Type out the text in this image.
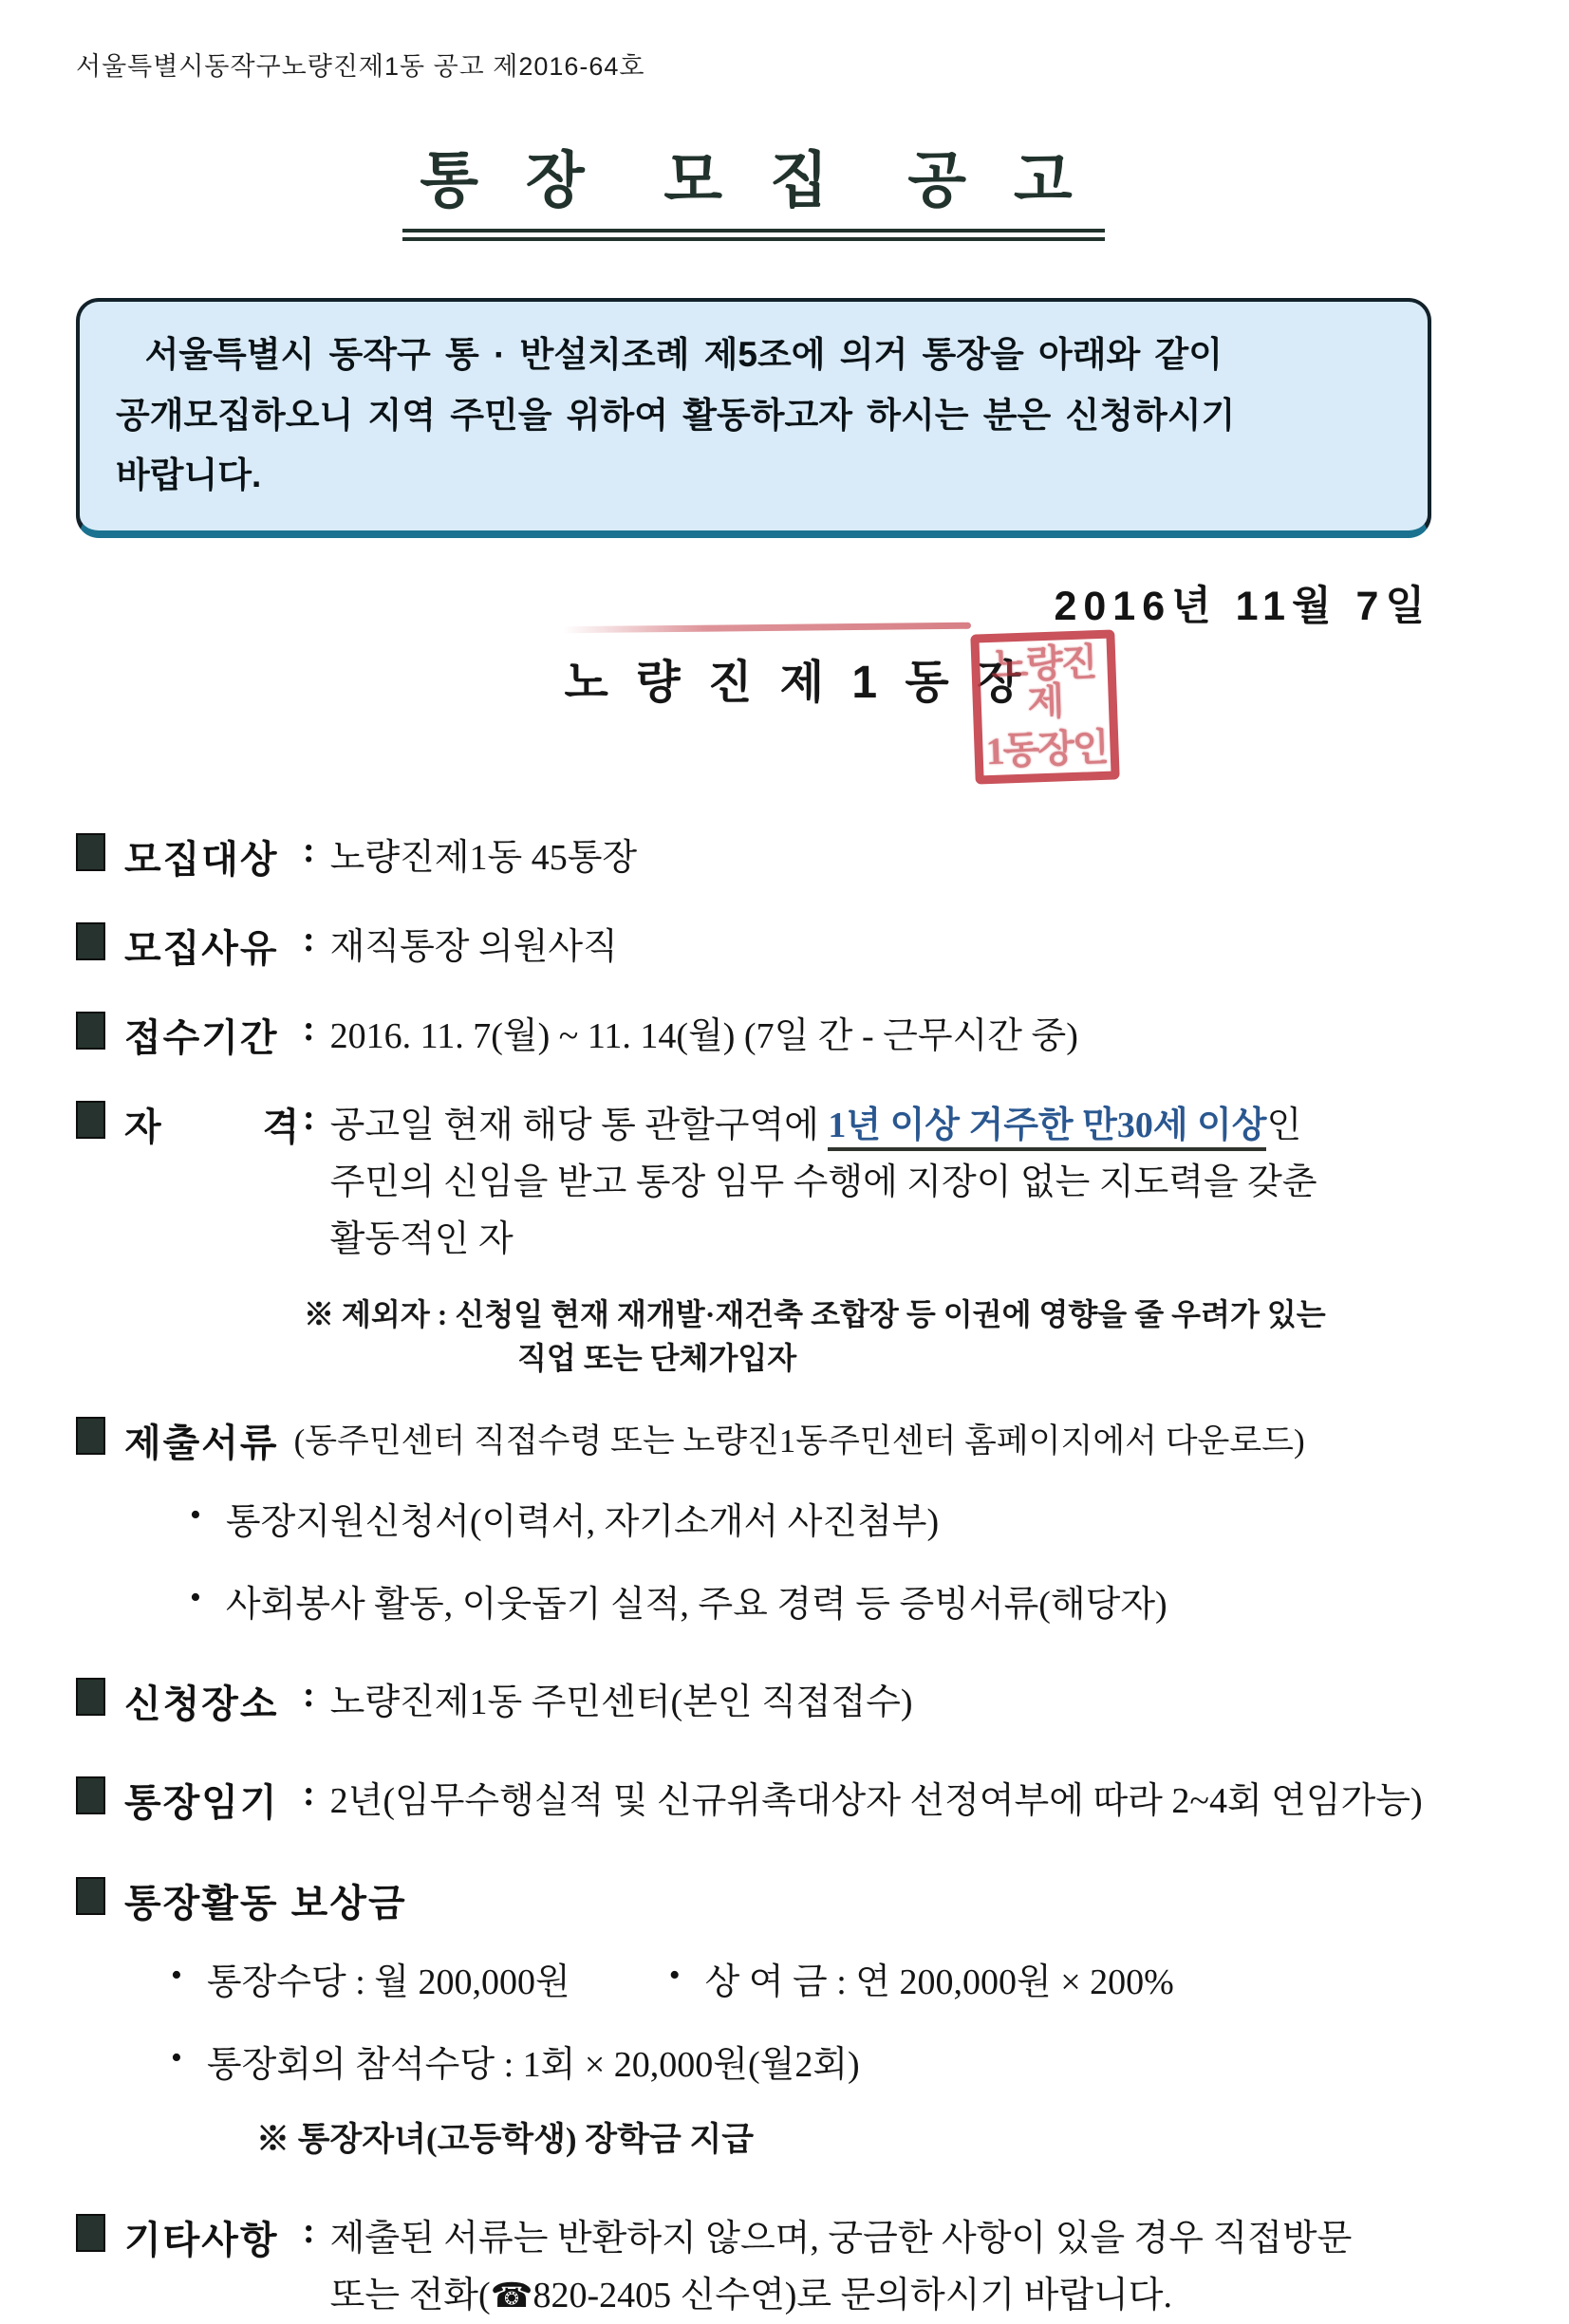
서울특별시동작구노량진제1동 공고 제2016-64호
통 장  모 집  공 고
서울특별시 동작구 통 · 반설치조례 제5조에 의거 통장을 아래와 같이
공개모집하오니 지역 주민을 위하여 활동하고자 하시는 분은 신청하시기
바랍니다.
2016년 11월 7일
노 량 진 제 1 동 장
노량진제
1동장인
모집대상 : 노량진제1동 45통장
모집사유 : 재직통장 의원사직
접수기간 : 2016. 11. 7(월) ~ 11. 14(월) (7일 간 - 근무시간 중)
자        격 : 공고일 현재 해당 통 관할구역에 1년 이상 거주한 만30세 이상인
주민의 신임을 받고 통장 임무 수행에 지장이 없는 지도력을 갖춘
활동적인 자
※ 제외자 : 신청일 현재 재개발·재건축 조합장 등 이권에 영향을 줄 우려가 있는
직업 또는 단체가입자
제출서류 (동주민센터 직접수령 또는 노량진1동주민센터 홈페이지에서 다운로드)
• 통장지원신청서(이력서, 자기소개서 사진첨부)
• 사회봉사 활동, 이웃돕기 실적, 주요 경력 등 증빙서류(해당자)
신청장소 : 노량진제1동 주민센터(본인 직접접수)
통장임기 : 2년(임무수행실적 및 신규위촉대상자 선정여부에 따라 2~4회 연임가능)
통장활동 보상금
• 통장수당 : 월 200,000원	• 상 여 금 : 연 200,000원 × 200%
• 통장회의 참석수당 : 1회 × 20,000원(월2회)
※ 통장자녀(고등학생) 장학금 지급
기타사항 : 제출된 서류는 반환하지 않으며, 궁금한 사항이 있을 경우 직접방문
또는 전화(☎820-2405 신수연)로 문의하시기 바랍니다.
